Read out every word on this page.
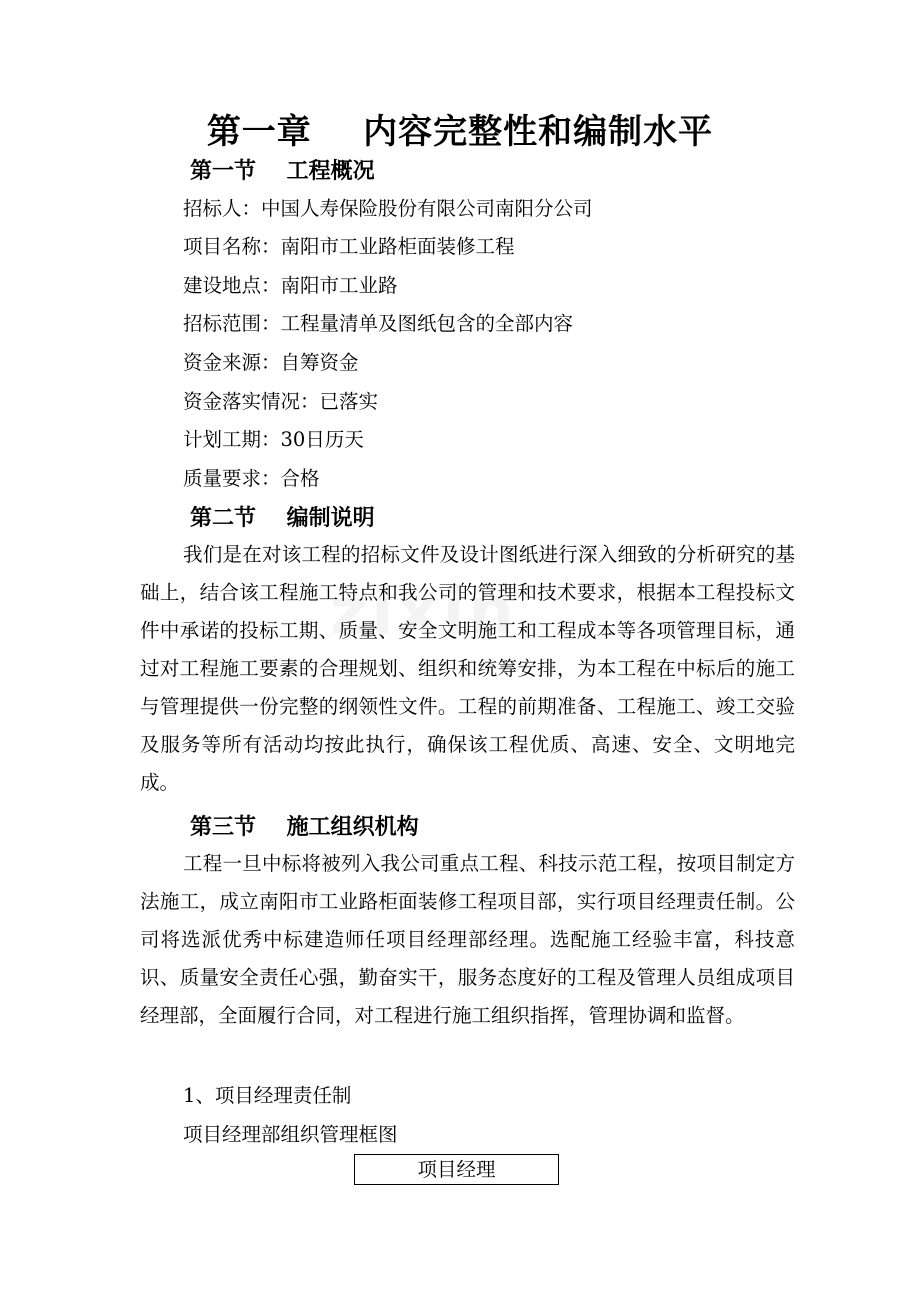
第一章    内容完整性和编制水平
第一节    工程概况
招标人：中国人寿保险股份有限公司南阳分公司
项目名称：南阳市工业路柜面装修工程
建设地点：南阳市工业路
招标范围：工程量清单及图纸包含的全部内容
资金来源：自筹资金
资金落实情况：已落实
计划工期：30日历天
质量要求：合格
第二节    编制说明

我们是在对该工程的招标文件及设计图纸进行深入细致的分析研究的基础上，结合该工程施工特点和我公司的管理和技术要求，根据本工程投标文件中承诺的投标工期、质量、安全文明施工和工程成本等各项管理目标，通过对工程施工要素的合理规划、组织和统筹安排，为本工程在中标后的施工与管理提供一份完整的纲领性文件。工程的前期准备、工程施工、竣工交验及服务等所有活动均按此执行，确保该工程优质、高速、安全、文明地完成。

第三节    施工组织机构

工程一旦中标将被列入我公司重点工程、科技示范工程，按项目制定方法施工，成立南阳市工业路柜面装修工程项目部，实行项目经理责任制。公司将选派优秀中标建造师任项目经理部经理。选配施工经验丰富，科技意识、质量安全责任心强，勤奋实干，服务态度好的工程及管理人员组成项目经理部，全面履行合同，对工程进行施工组织指挥，管理协调和监督。

1、项目经理责任制
项目经理部组织管理框图
项目经理
